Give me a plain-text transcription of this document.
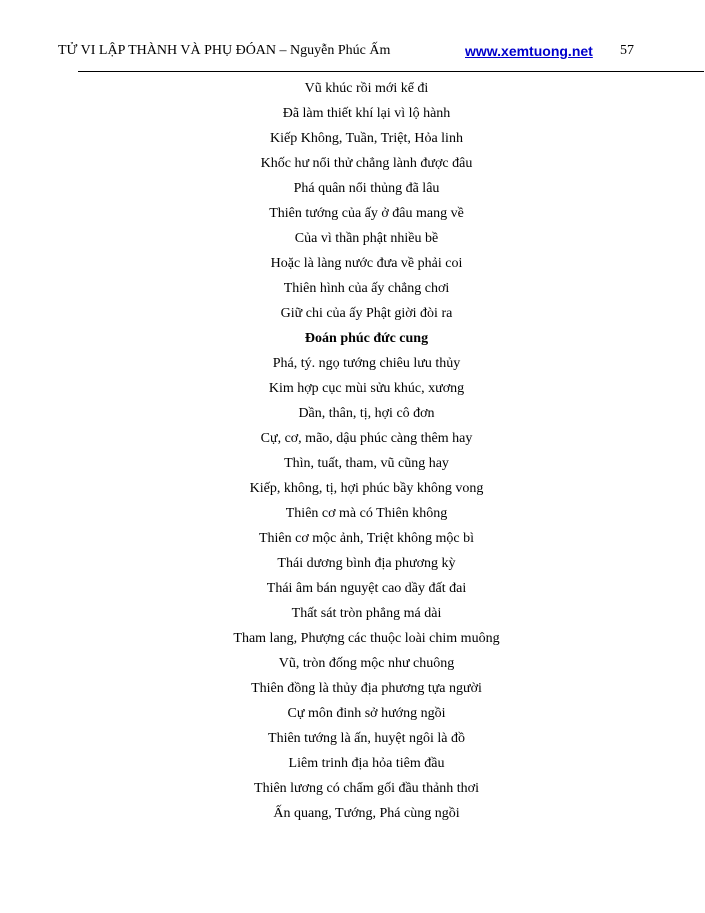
TỬ VI LẬP THÀNH VÀ PHỤ ĐÓAN – Nguyễn Phúc Ấm	www.xemtuong.net 57
Vũ khúc rồi mới kể đi
Đã làm thiết khí lại vì lộ hành
Kiếp Không, Tuần, Triệt, Hỏa linh
Khốc hư nổi thử chẳng lành được đâu
Phá quân nổi thủng đã lâu
Thiên tướng của ấy ở đâu mang về
Của vì thần phật nhiều bề
Hoặc là làng nước đưa về phải coi
Thiên hình của ấy chẳng chơi
Giữ chi của ấy Phật giời đòi ra
Đoán phúc đức cung
Phá, tý. ngọ tướng chiêu lưu thủy
Kim hợp cục mùi sửu khúc, xương
Dần, thân, tị, hợi cô đơn
Cự, cơ, mão, dậu phúc càng thêm hay
Thìn, tuất, tham, vũ cũng hay
Kiếp, không, tị, hợi phúc bầy không vong
Thiên cơ mà có Thiên không
Thiên cơ mộc ảnh, Triệt không mộc bì
Thái dương bình địa phương kỳ
Thái âm bán nguyệt cao dầy đất đai
Thất sát tròn phẳng má dài
Tham lang, Phượng các thuộc loài chim muông
Vũ, tròn đống mộc như chuông
Thiên đồng là thủy địa phương tựa người
Cự môn đinh sở hướng ngồi
Thiên tướng là ấn, huyệt ngôi là đồ
Liêm trinh địa hỏa tiêm đầu
Thiên lương có chẩm gối đầu thảnh thơi
Ấn quang, Tướng, Phá cùng ngồi
